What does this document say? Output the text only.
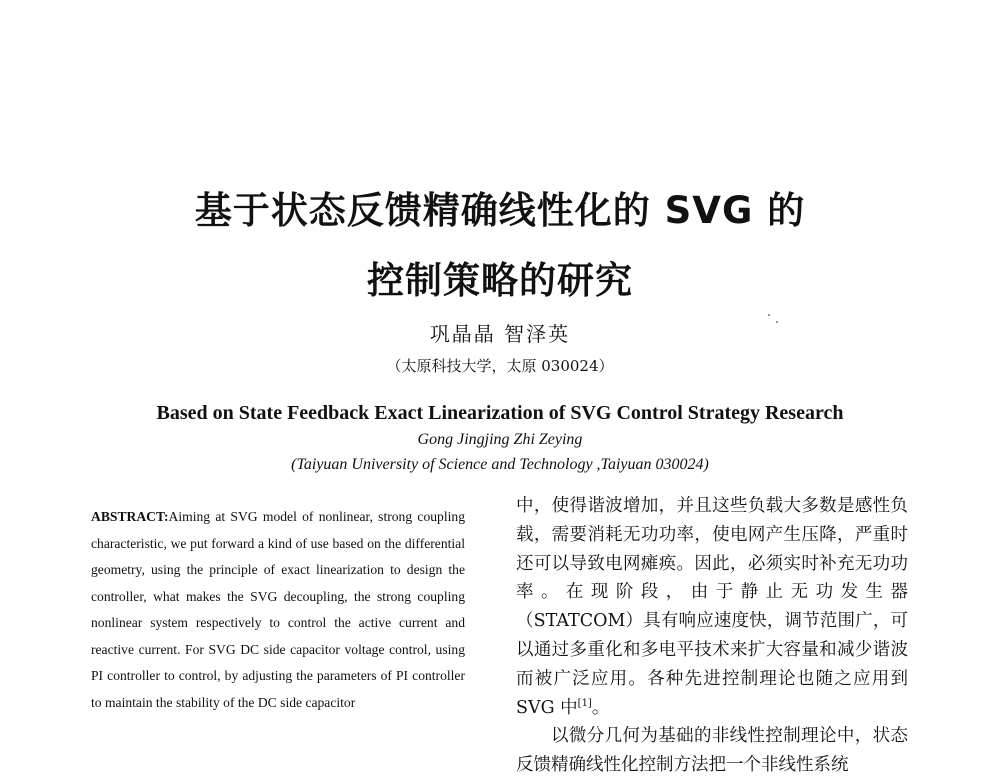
基于状态反馈精确线性化的 SVG 的
控制策略的研究
巩晶晶 智泽英
（太原科技大学，太原 030024）
Based on State Feedback Exact Linearization of SVG Control Strategy Research
Gong Jingjing Zhi Zeying
(Taiyuan University of Science and Technology ,Taiyuan 030024)
ABSTRACT:Aiming at SVG model of nonlinear, strong coupling characteristic, we put forward a kind of use based on the differential geometry, using the principle of exact linearization to design the controller, what makes the SVG decoupling, the strong coupling nonlinear system respectively to control the active current and reactive current. For SVG DC side capacitor voltage control, using PI controller to control, by adjusting the parameters of PI controller to maintain the stability of the DC side capacitor

中，使得谐波增加，并且这些负载大多数是感性负载，需要消耗无功功率，使电网产生压降，严重时还可以导致电网瘫痪。因此，必须实时补充无功功率。在现阶段，由于静止无功发生器（STATCOM）具有响应速度快，调节范围广，可以通过多重化和多电平技术来扩大容量和减少谐波而被广泛应用。各种先进控制理论也随之应用到 SVG 中[1]。

以微分几何为基础的非线性控制理论中，状态反馈精确线性化控制方法把一个非线性系统
